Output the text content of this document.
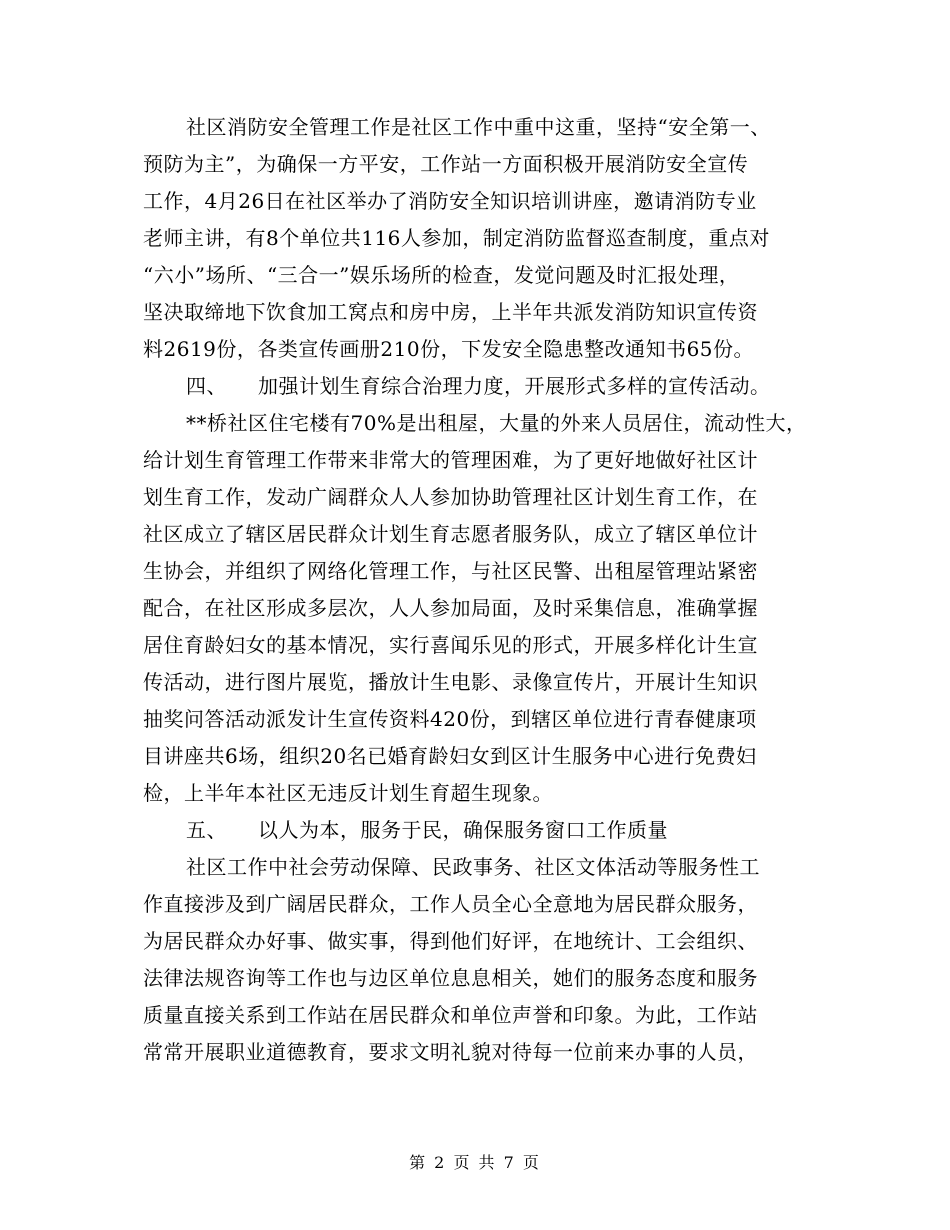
社区消防安全管理工作是社区工作中重中这重，坚持“安全第一、
预防为主”，为确保一方平安，工作站一方面积极开展消防安全宣传
工作，4月26日在社区举办了消防安全知识培训讲座，邀请消防专业
老师主讲，有8个单位共116人参加，制定消防监督巡查制度，重点对
“六小”场所、“三合一”娱乐场所的检查，发觉问题及时汇报处理，
坚决取缔地下饮食加工窝点和房中房，上半年共派发消防知识宣传资
料2619份，各类宣传画册210份，下发安全隐患整改通知书65份。
四、　　加强计划生育综合治理力度，开展形式多样的宣传活动。
**桥社区住宅楼有70%是出租屋，大量的外来人员居住，流动性大，
给计划生育管理工作带来非常大的管理困难，为了更好地做好社区计
划生育工作，发动广阔群众人人参加协助管理社区计划生育工作，在
社区成立了辖区居民群众计划生育志愿者服务队，成立了辖区单位计
生协会，并组织了网络化管理工作，与社区民警、出租屋管理站紧密
配合，在社区形成多层次，人人参加局面，及时采集信息，准确掌握
居住育龄妇女的基本情况，实行喜闻乐见的形式，开展多样化计生宣
传活动，进行图片展览，播放计生电影、录像宣传片，开展计生知识
抽奖问答活动派发计生宣传资料420份，到辖区单位进行青春健康项
目讲座共6场，组织20名已婚育龄妇女到区计生服务中心进行免费妇
检，上半年本社区无违反计划生育超生现象。
五、　　以人为本，服务于民，确保服务窗口工作质量
社区工作中社会劳动保障、民政事务、社区文体活动等服务性工
作直接涉及到广阔居民群众，工作人员全心全意地为居民群众服务，
为居民群众办好事、做实事，得到他们好评，在地统计、工会组织、
法律法规咨询等工作也与边区单位息息相关，她们的服务态度和服务
质量直接关系到工作站在居民群众和单位声誉和印象。为此，工作站
常常开展职业道德教育，要求文明礼貌对待每一位前来办事的人员，
第 2 页 共 7 页
